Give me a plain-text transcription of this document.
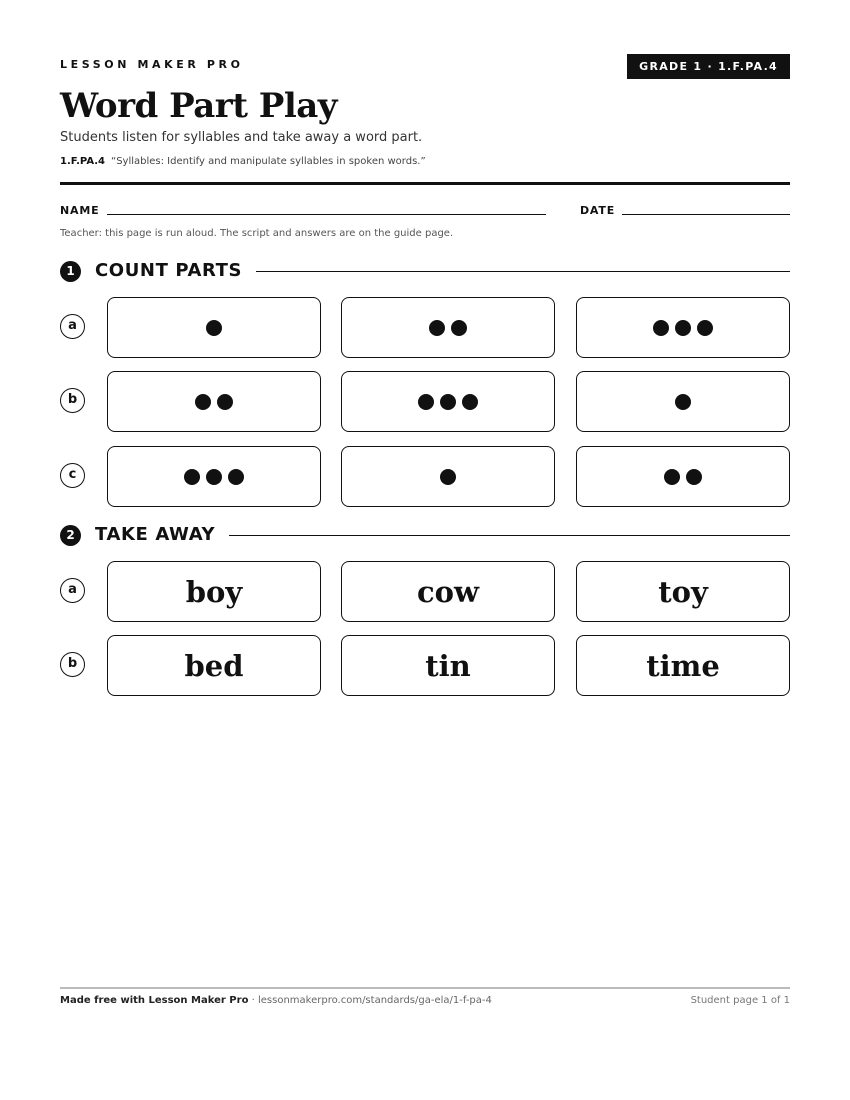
LESSON MAKER PRO	GRADE 1 · 1.F.PA.4
Word Part Play
Students listen for syllables and take away a word part.
1.F.PA.4 “Syllables: Identify and manipulate syllables in spoken words.”
NAME	DATE
Teacher: this page is run aloud. The script and answers are on the guide page.
1	COUNT PARTS
a
b
c
2	TAKE AWAY
a	boy	cow	toy
b	bed	tin	time
Made free with Lesson Maker Pro · lessonmakerpro.com/standards/ga-ela/1-f-pa-4	Student page 1 of 1
